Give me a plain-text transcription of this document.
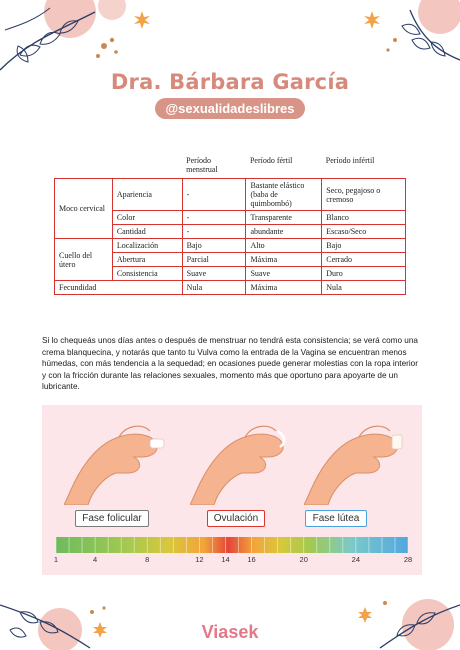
Dra. Bárbara García
@sexualidadeslibres
		Período menstrual	Período fértil	Período infértil
Moco cervical	Apariencia	-	Bastante elástico (baba de quimbombó)	Seco, pegajoso o cremoso
	Color	-	Transparente	Blanco
	Cantidad	-	abundante	Escaso/Seco
Cuello del útero	Localización	Bajo	Alto	Bajo
	Abertura	Parcial	Máxima	Cerrado
	Consistencia	Suave	Suave	Duro
Fecundidad		Nula	Máxima	Nula

Si lo chequeás unos días antes o después de menstruar no tendrá esta consistencia; se verá como una crema blanquecina, y notarás que tanto tu Vulva como la entrada de la Vagina se encuentran menos húmedas, con más tendencia a la sequedad; en ocasiones puede generar molestias con la ropa interior y con la fricción durante las relaciones sexuales, momento más que oportuno para apoyarte de un lubricante.

Fase folicular	Ovulación	Fase lútea
1	4	8	12 14 16	20	24	28
Viasek
